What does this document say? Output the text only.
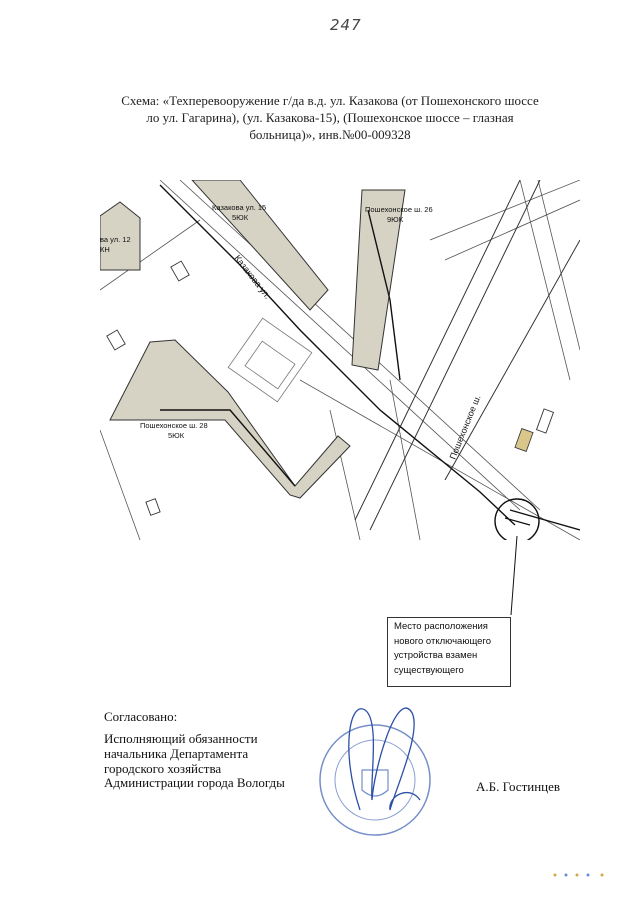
247
Схема: «Техперевооружение г/да в.д. ул. Казакова (от Пошехонского шоссе
ло ул. Гагарина), (ул. Казакова-15), (Пошехонское шоссе – глазная
больница)», инв.№00-009328
Казакова ул. 15
5ЮК
Пошехонское ш. 26
9ЮК
Пошехонское ш. 28
5ЮК
ва ул. 12
КН
Казакова ул.
Пошехонское ш.
Место расположения
нового отключающего
устройства взамен
существующего
Согласовано:
Исполняющий обязанности
начальника Департамента
городского хозяйства
Администрации города Вологды	А.Б. Гостинцев
